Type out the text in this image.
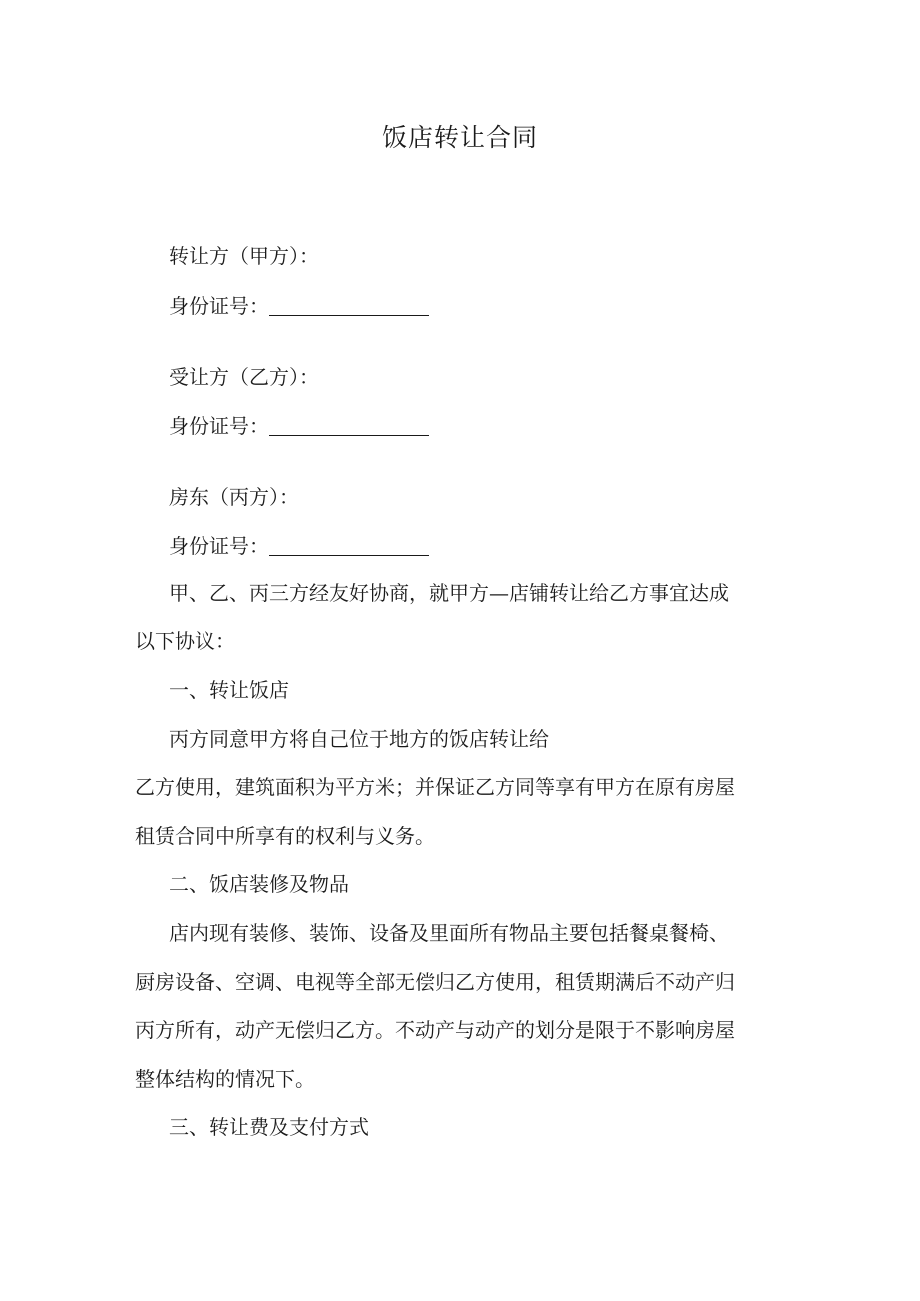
饭店转让合同
转让方（甲方）：
身份证号：
受让方（乙方）：
身份证号：
房东（丙方）：
身份证号：
甲、乙、丙三方经友好协商，就甲方—店铺转让给乙方事宜达成
以下协议：
一、转让饭店
丙方同意甲方将自己位于地方的饭店转让给
乙方使用，建筑面积为平方米；并保证乙方同等享有甲方在原有房屋
租赁合同中所享有的权利与义务。
二、饭店装修及物品
店内现有装修、装饰、设备及里面所有物品主要包括餐桌餐椅、
厨房设备、空调、电视等全部无偿归乙方使用，租赁期满后不动产归
丙方所有，动产无偿归乙方。不动产与动产的划分是限于不影响房屋
整体结构的情况下。
三、转让费及支付方式
